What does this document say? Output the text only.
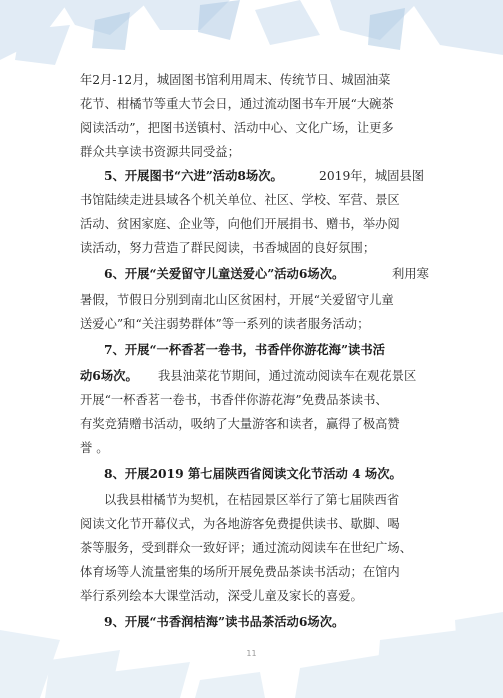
年2月-12月，城固图书馆利用周末、传统节日、城固油菜
花节、柑橘节等重大节会日，通过流动图书车开展“大碗茶
阅读活动”，把图书送镇村、活动中心、文化广场，让更多
群众共享读书资源共同受益；
5、开展图书“六进”活动8场次。	2019年，城固县图
书馆陆续走进县域各个机关单位、社区、学校、军营、景区
活动、贫困家庭、企业等，向他们开展捐书、赠书，举办阅
读活动，努力营造了群民阅读，书香城固的良好氛围；
6、开展“关爱留守儿童送爱心”活动6场次。	利用寒
暑假，节假日分别到南北山区贫困村，开展“关爱留守儿童
送爱心”和“关注弱势群体”等一系列的读者服务活动；
7、开展“一杯香茗一卷书，书香伴你游花海”读书活
动6场次。 我县油菜花节期间，通过流动阅读车在观花景区
开展“一杯香茗一卷书，书香伴你游花海”免费品茶读书、
有奖竞猜赠书活动，吸纳了大量游客和读者，赢得了极高赞
誉 。
8、开展2019 第七届陕西省阅读文化节活动 4 场次。
以我县柑橘节为契机，在桔园景区举行了第七届陕西省
阅读文化节开幕仪式，为各地游客免费提供读书、歇脚、喝
茶等服务，受到群众一致好评；通过流动阅读车在世纪广场、
体育场等人流量密集的场所开展免费品茶读书活动；在馆内
举行系列绘本大课堂活动，深受儿童及家长的喜爱。
9、开展“书香润桔海”读书品茶活动6场次。
11
